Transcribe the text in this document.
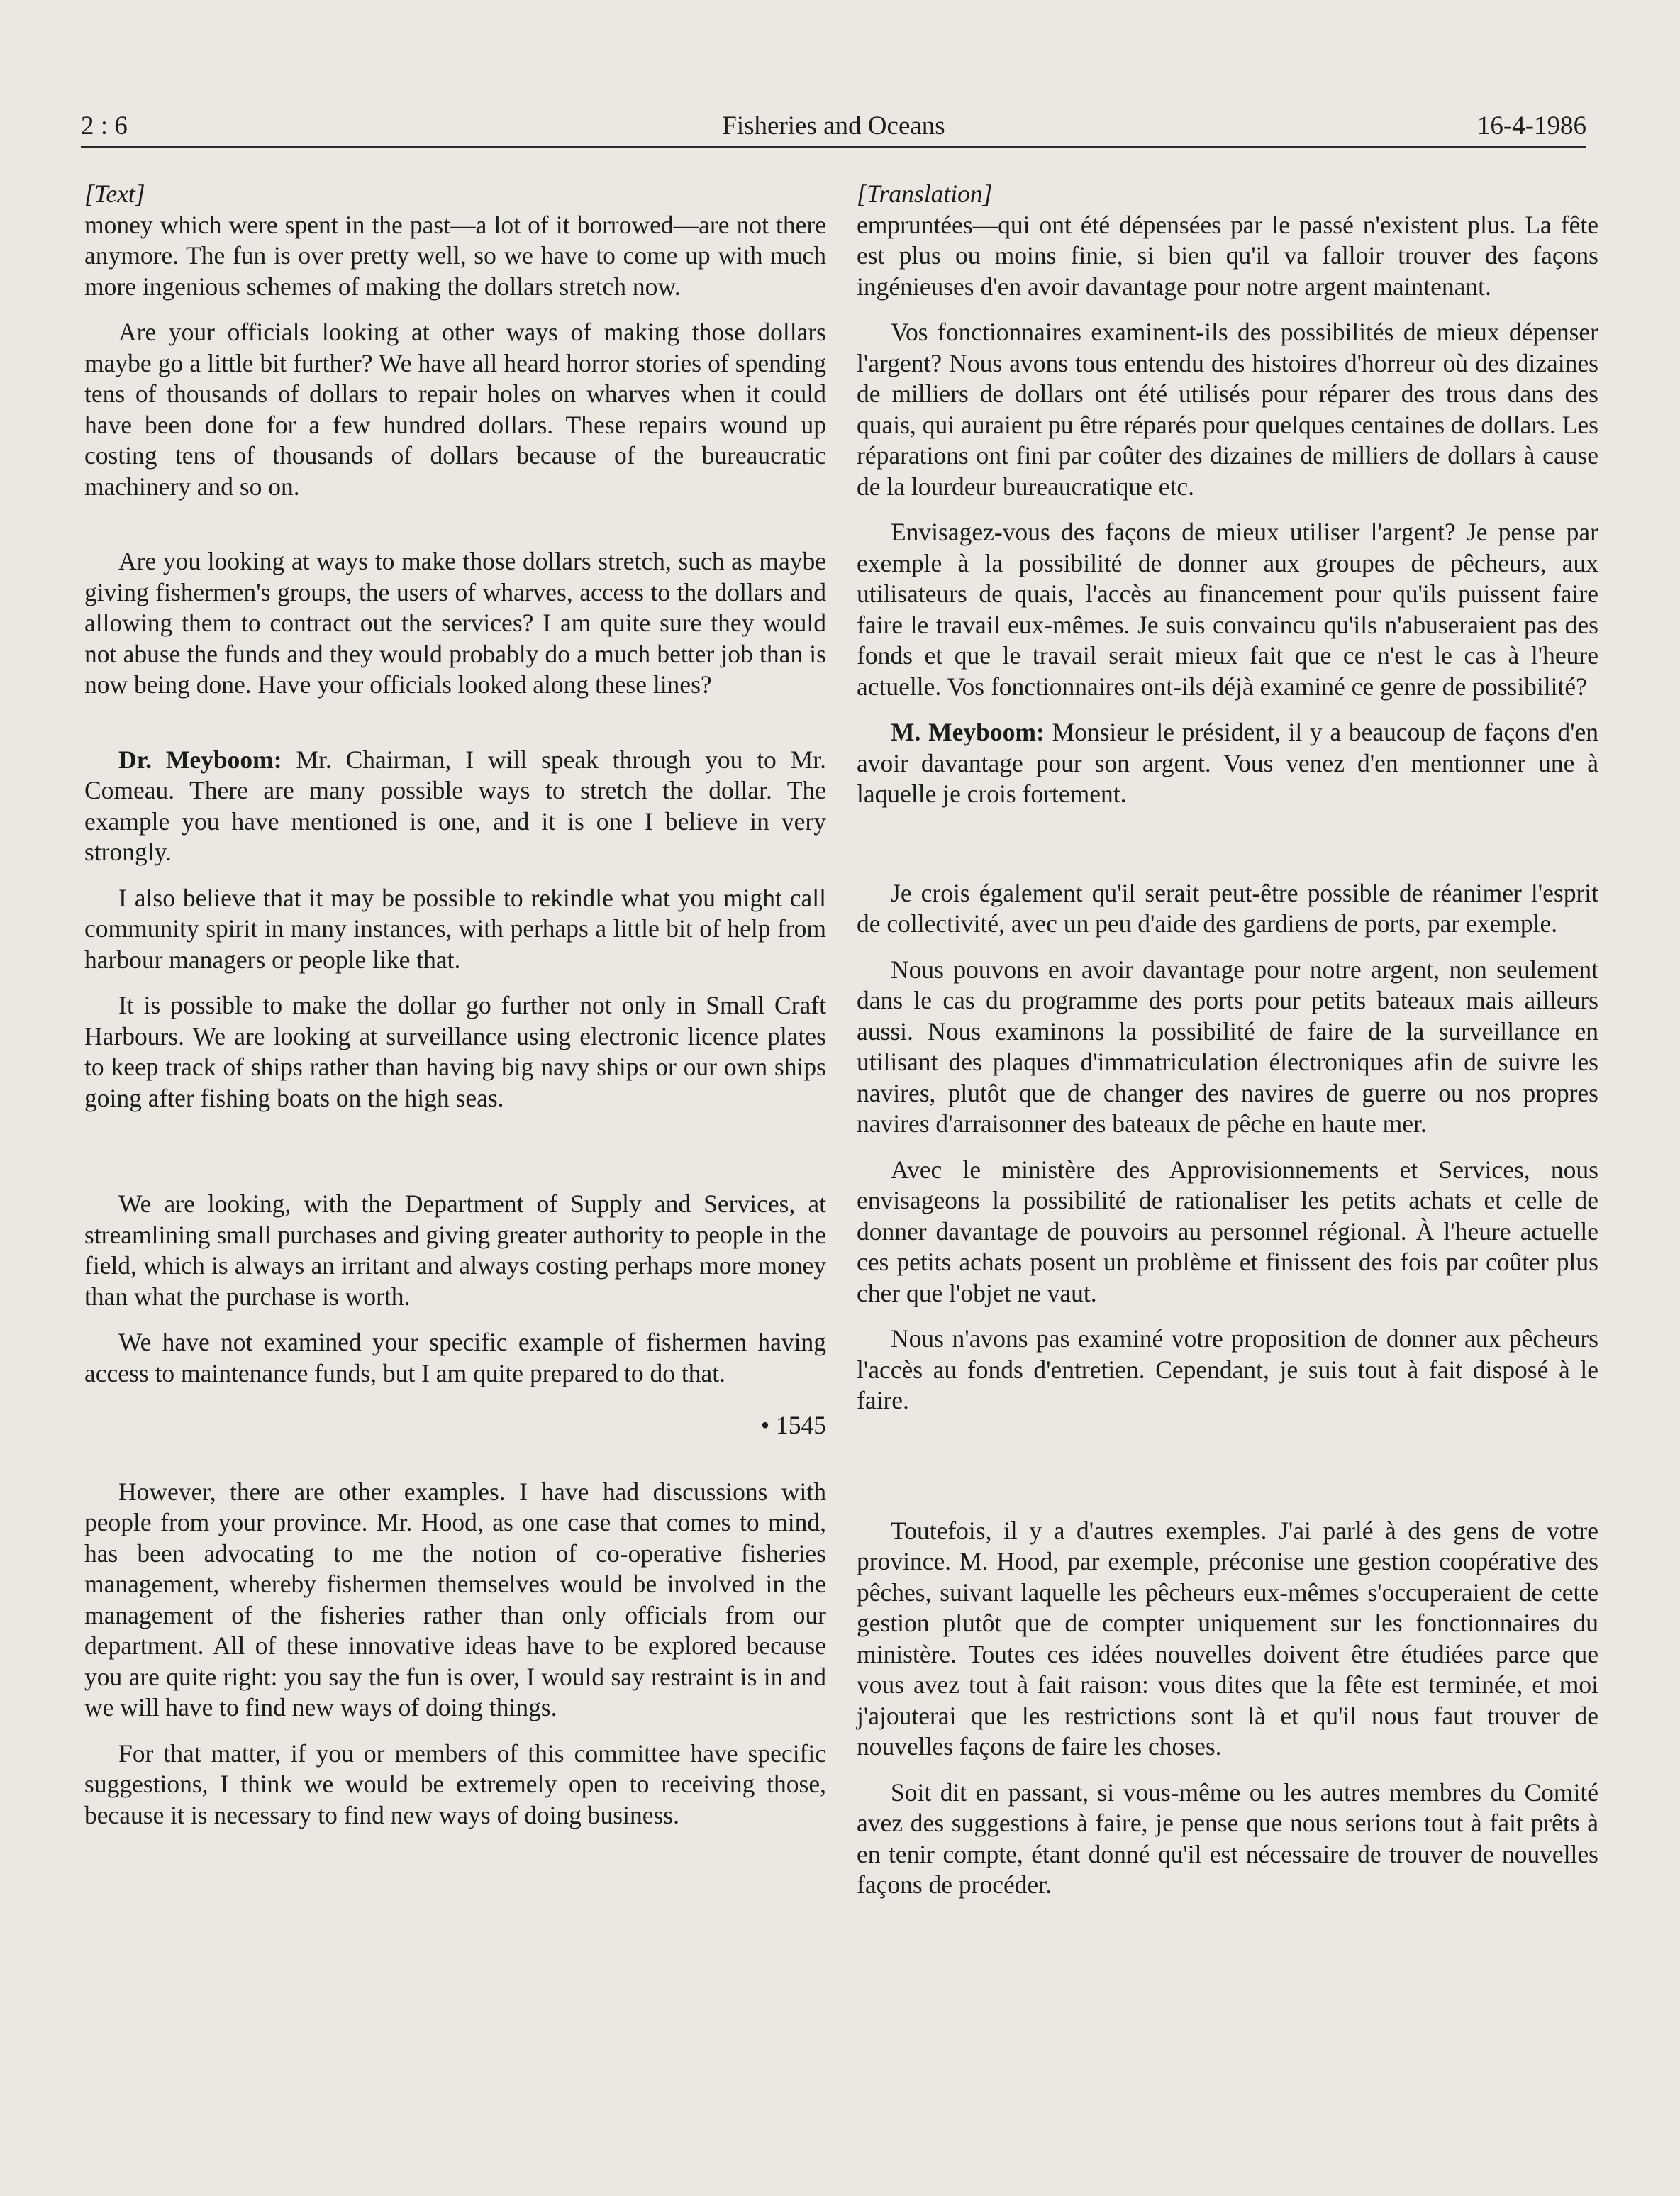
2 : 6	Fisheries and Oceans	16-4-1986

[Text]

money which were spent in the past—a lot of it borrowed—are not there anymore. The fun is over pretty well, so we have to come up with much more ingenious schemes of making the dollars stretch now.

Are your officials looking at other ways of making those dollars maybe go a little bit further? We have all heard horror stories of spending tens of thousands of dollars to repair holes on wharves when it could have been done for a few hundred dollars. These repairs wound up costing tens of thousands of dollars because of the bureaucratic machinery and so on.

Are you looking at ways to make those dollars stretch, such as maybe giving fishermen's groups, the users of wharves, access to the dollars and allowing them to contract out the services? I am quite sure they would not abuse the funds and they would probably do a much better job than is now being done. Have your officials looked along these lines?

Dr. Meyboom: Mr. Chairman, I will speak through you to Mr. Comeau. There are many possible ways to stretch the dollar. The example you have mentioned is one, and it is one I believe in very strongly.

I also believe that it may be possible to rekindle what you might call community spirit in many instances, with perhaps a little bit of help from harbour managers or people like that.

It is possible to make the dollar go further not only in Small Craft Harbours. We are looking at surveillance using electronic licence plates to keep track of ships rather than having big navy ships or our own ships going after fishing boats on the high seas.

We are looking, with the Department of Supply and Services, at streamlining small purchases and giving greater authority to people in the field, which is always an irritant and always costing perhaps more money than what the purchase is worth.

We have not examined your specific example of fishermen having access to maintenance funds, but I am quite prepared to do that.

• 1545

However, there are other examples. I have had discussions with people from your province. Mr. Hood, as one case that comes to mind, has been advocating to me the notion of co-operative fisheries management, whereby fishermen themselves would be involved in the management of the fisheries rather than only officials from our department. All of these innovative ideas have to be explored because you are quite right: you say the fun is over, I would say restraint is in and we will have to find new ways of doing things.

For that matter, if you or members of this committee have specific suggestions, I think we would be extremely open to receiving those, because it is necessary to find new ways of doing business.

[Translation]

empruntées—qui ont été dépensées par le passé n'existent plus. La fête est plus ou moins finie, si bien qu'il va falloir trouver des façons ingénieuses d'en avoir davantage pour notre argent maintenant.

Vos fonctionnaires examinent-ils des possibilités de mieux dépenser l'argent? Nous avons tous entendu des histoires d'horreur où des dizaines de milliers de dollars ont été utilisés pour réparer des trous dans des quais, qui auraient pu être réparés pour quelques centaines de dollars. Les réparations ont fini par coûter des dizaines de milliers de dollars à cause de la lourdeur bureaucratique etc.

Envisagez-vous des façons de mieux utiliser l'argent? Je pense par exemple à la possibilité de donner aux groupes de pêcheurs, aux utilisateurs de quais, l'accès au financement pour qu'ils puissent faire faire le travail eux-mêmes. Je suis convaincu qu'ils n'abuseraient pas des fonds et que le travail serait mieux fait que ce n'est le cas à l'heure actuelle. Vos fonctionnaires ont-ils déjà examiné ce genre de possibilité?

M. Meyboom: Monsieur le président, il y a beaucoup de façons d'en avoir davantage pour son argent. Vous venez d'en mentionner une à laquelle je crois fortement.

Je crois également qu'il serait peut-être possible de réanimer l'esprit de collectivité, avec un peu d'aide des gardiens de ports, par exemple.

Nous pouvons en avoir davantage pour notre argent, non seulement dans le cas du programme des ports pour petits bateaux mais ailleurs aussi. Nous examinons la possibilité de faire de la surveillance en utilisant des plaques d'immatriculation électroniques afin de suivre les navires, plutôt que de changer des navires de guerre ou nos propres navires d'arraisonner des bateaux de pêche en haute mer.

Avec le ministère des Approvisionnements et Services, nous envisageons la possibilité de rationaliser les petits achats et celle de donner davantage de pouvoirs au personnel régional. À l'heure actuelle ces petits achats posent un problème et finissent des fois par coûter plus cher que l'objet ne vaut.

Nous n'avons pas examiné votre proposition de donner aux pêcheurs l'accès au fonds d'entretien. Cependant, je suis tout à fait disposé à le faire.

Toutefois, il y a d'autres exemples. J'ai parlé à des gens de votre province. M. Hood, par exemple, préconise une gestion coopérative des pêches, suivant laquelle les pêcheurs eux-mêmes s'occuperaient de cette gestion plutôt que de compter uniquement sur les fonctionnaires du ministère. Toutes ces idées nouvelles doivent être étudiées parce que vous avez tout à fait raison: vous dites que la fête est terminée, et moi j'ajouterai que les restrictions sont là et qu'il nous faut trouver de nouvelles façons de faire les choses.

Soit dit en passant, si vous-même ou les autres membres du Comité avez des suggestions à faire, je pense que nous serions tout à fait prêts à en tenir compte, étant donné qu'il est nécessaire de trouver de nouvelles façons de procéder.
